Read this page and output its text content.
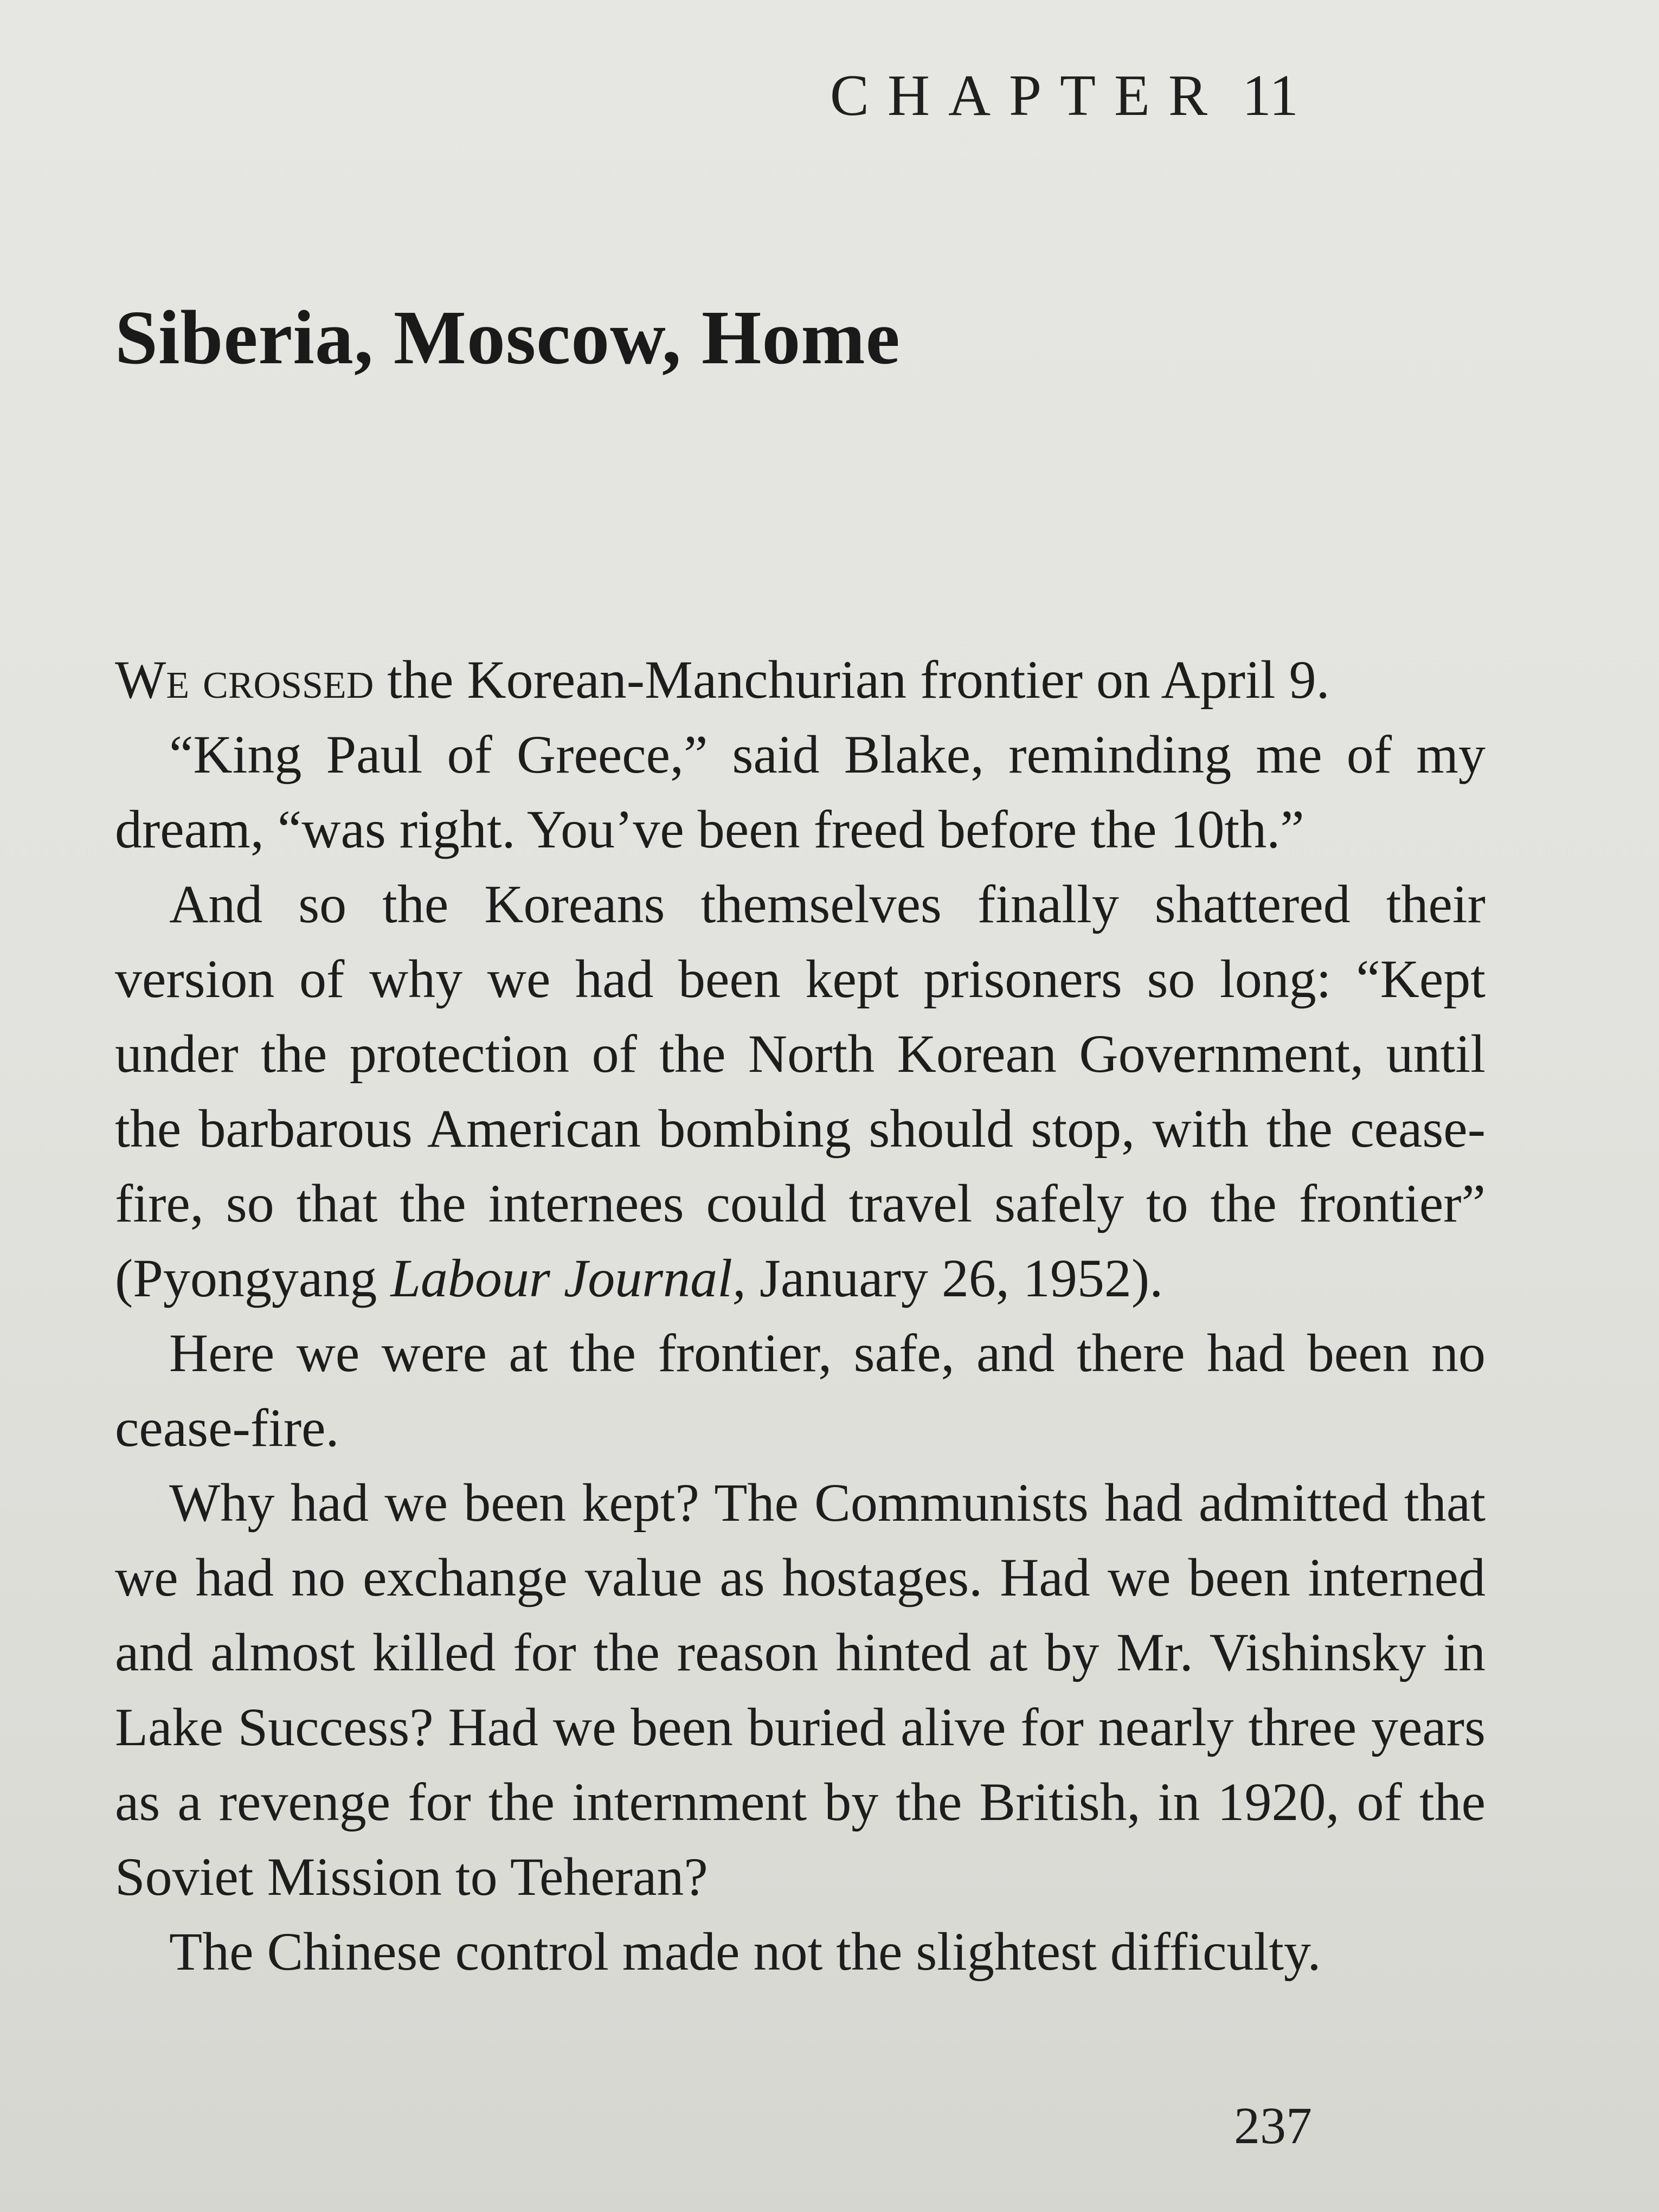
CHAPTER 11
Siberia, Moscow, Home

We crossed the Korean-Manchurian frontier on April 9.

“King Paul of Greece,” said Blake, reminding me of my dream, “was right. You’ve been freed before the 10th.”

And so the Koreans themselves finally shattered their version of why we had been kept prisoners so long: “Kept under the protection of the North Korean Government, until the barbarous American bombing should stop, with the cease-fire, so that the internees could travel safely to the frontier” (Pyongyang Labour Journal, January 26, 1952).

Here we were at the frontier, safe, and there had been no cease-fire.

Why had we been kept? The Communists had admitted that we had no exchange value as hostages. Had we been interned and almost killed for the reason hinted at by Mr. Vishinsky in Lake Success? Had we been buried alive for nearly three years as a revenge for the internment by the British, in 1920, of the Soviet Mission to Teheran?

The Chinese control made not the slightest difficulty.

237
